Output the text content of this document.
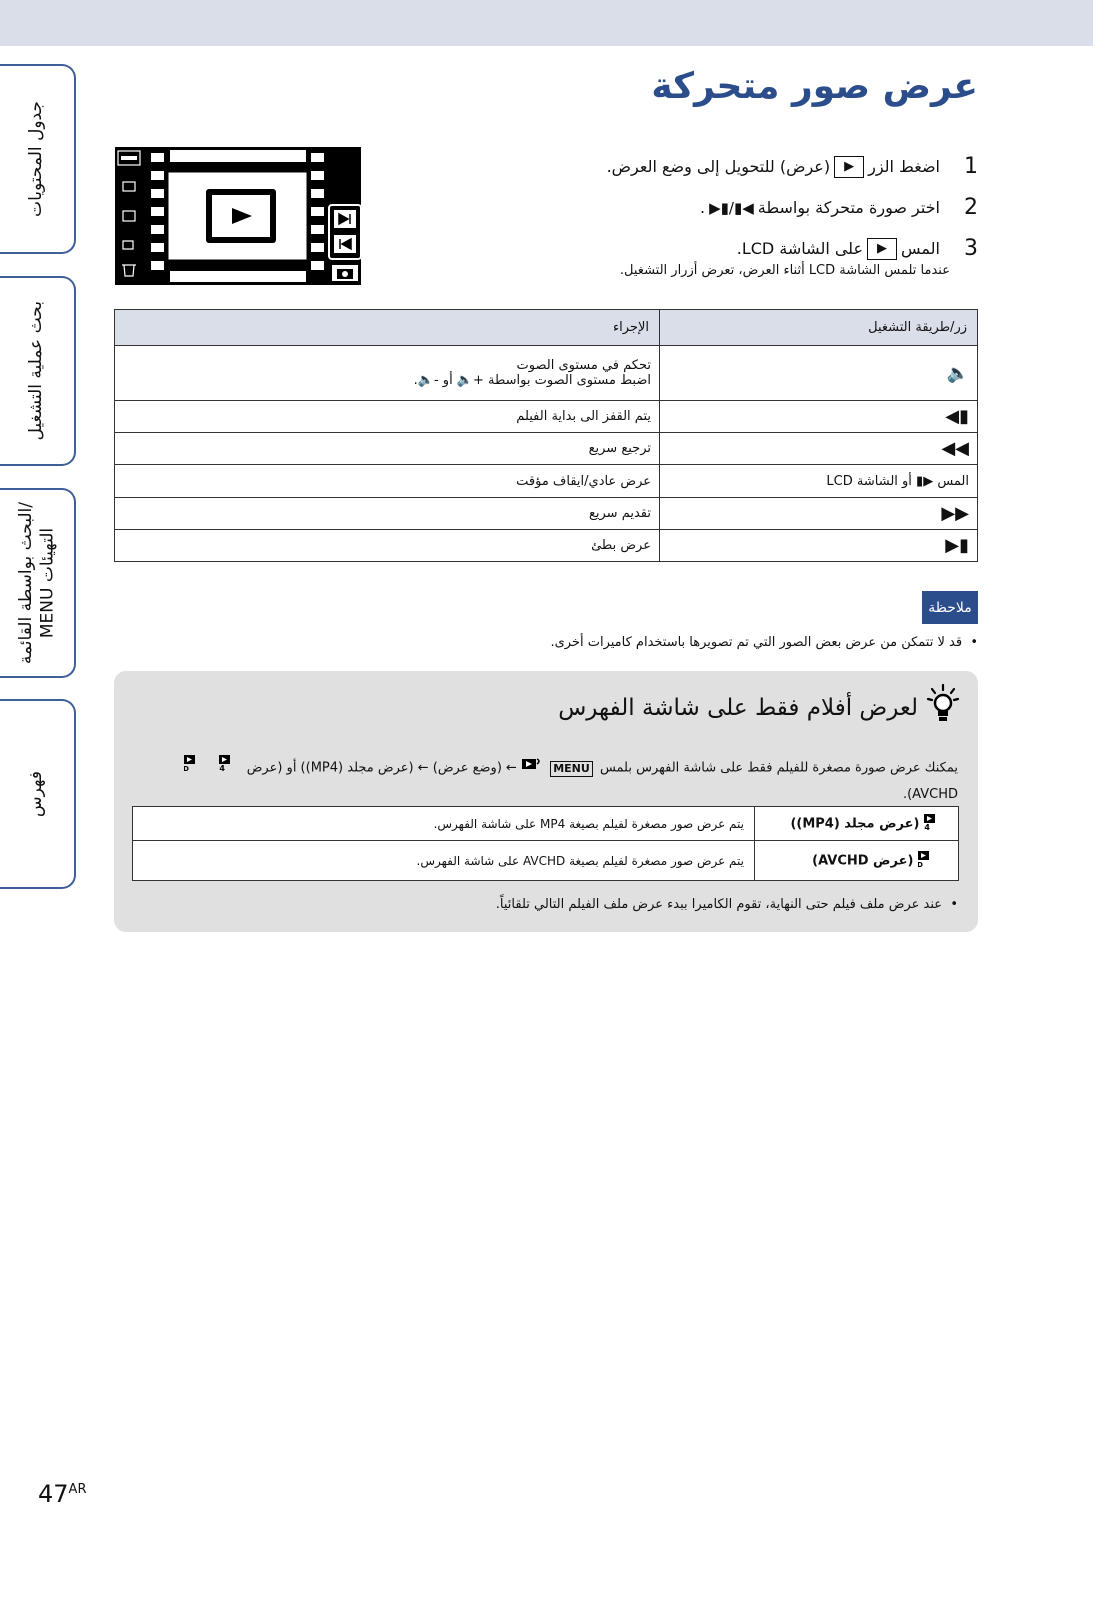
جدول المحتويات
بحث عملية التشغيل
البحث بواسطة القائمة/
MENU التهيئات
فهرس
عرض صور متحركة
1
اضغط الزر
▶
(عرض) للتحويل إلى وضع العرض.
2
اختر صورة متحركة بواسطة
◀▮/▮▶
.
3
المس
▶
على الشاشة LCD.
عندما تلمس الشاشة LCD أثناء العرض، تعرض أزرار التشغيل.
زر/طريقة التشغيل	الإجراء
🔈	تحكم في مستوى الصوت
اضبط مستوى الصوت بواسطة +🔈 أو -🔈.

▮◀	يتم القفز الى بداية الفيلم
◀◀	ترجيع سريع
المس ▶▮ أو الشاشة LCD	عرض عادي/ايقاف مؤقت
▶▶	تقديم سريع
▮▶	عرض بطئ
ملاحظة
•  قد لا تتمكن من عرض بعض الصور التي تم تصويرها باستخدام كاميرات أخرى.
لعرض أفلام فقط على شاشة الفهرس
يمكنك عرض صورة مصغرة للفيلم فقط على شاشة الفهرس بلمس MENU  ← (وضع عرض) ← (عرض مجلد (MP4)) أو (عرض
4

D
AVCHD).
4
(عرض مجلد (MP4))	يتم عرض صور مصغرة لفيلم بصيغة MP4 على شاشة الفهرس.

D
(عرض AVCHD)	يتم عرض صور مصغرة لفيلم بصيغة AVCHD على شاشة الفهرس.
•  عند عرض ملف فيلم حتى النهاية، تقوم الكاميرا ببدء عرض ملف الفيلم التالي تلقائياً.
$47^{AR}$
